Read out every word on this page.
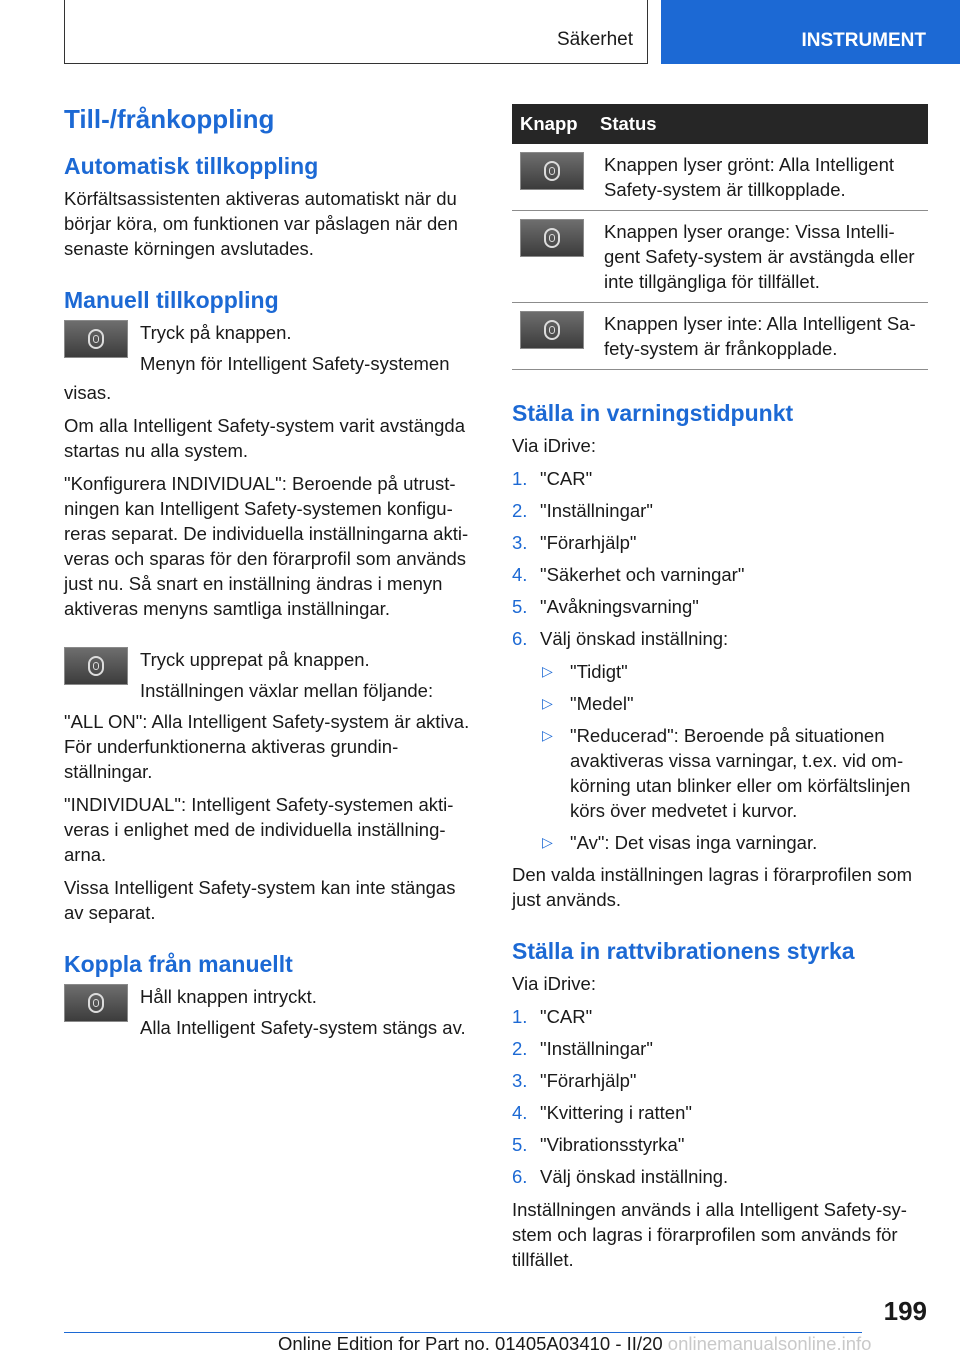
Säkerhet	INSTRUMENT
Till-/frånkoppling
Automatisk tillkoppling

Körfältsassistenten aktiveras automatiskt när du börjar köra, om funktionen var påslagen när den senaste körningen avslutades.

Manuell tillkoppling

Tryck på knappen.

Menyn för Intelligent Safety-systemen

visas.

Om alla Intelligent Safety-system varit avstängda startas nu alla system.

"Konfigurera INDIVIDUAL": Beroende på utrustningen kan Intelligent Safety-systemen konfigureras separat. De individuella inställningarna aktiveras och sparas för den förarprofil som används just nu. Så snart en inställning ändras i menyn aktiveras menyns samtliga inställningar.

Tryck upprepat på knappen.

Inställningen växlar mellan följande:

"ALL ON": Alla Intelligent Safety-system är aktiva. För underfunktionerna aktiveras grundinställningar.

"INDIVIDUAL": Intelligent Safety-systemen aktiveras i enlighet med de individuella inställningarna.

Vissa Intelligent Safety-system kan inte stängas av separat.

Koppla från manuellt

Håll knappen intryckt.

Alla Intelligent Safety-system stängs av.

Knapp	Status

	Knappen lyser grönt: Alla Intelligent Safety-system är tillkopplade.

	Knappen lyser orange: Vissa Intelligent Safety-system är avstängda eller inte tillgängliga för tillfället.

	Knappen lyser inte: Alla Intelligent Safety-system är frånkopplade.
Ställa in varningstidpunkt

Via iDrive:

1. "CAR"
2. "Inställningar"
3. "Förarhjälp"
4. "Säkerhet och varningar"
5. "Avåkningsvarning"
6. Välj önskad inställning:
▷ "Tidigt"
▷ "Medel"
▷ "Reducerad": Beroende på situationen avaktiveras vissa varningar, t.ex. vid omkörning utan blinker eller om körfältslinjen körs över medvetet i kurvor.
▷ "Av": Det visas inga varningar.

Den valda inställningen lagras i förarprofilen som just används.

Ställa in rattvibrationens styrka

Via iDrive:

1. "CAR"
2. "Inställningar"
3. "Förarhjälp"
4. "Kvittering i ratten"
5. "Vibrationsstyrka"
6. Välj önskad inställning.

Inställningen används i alla Intelligent Safety-system och lagras i förarprofilen som används för tillfället.

199
Online Edition for Part no. 01405A03410 - II/20 onlinemanualsonline.info
